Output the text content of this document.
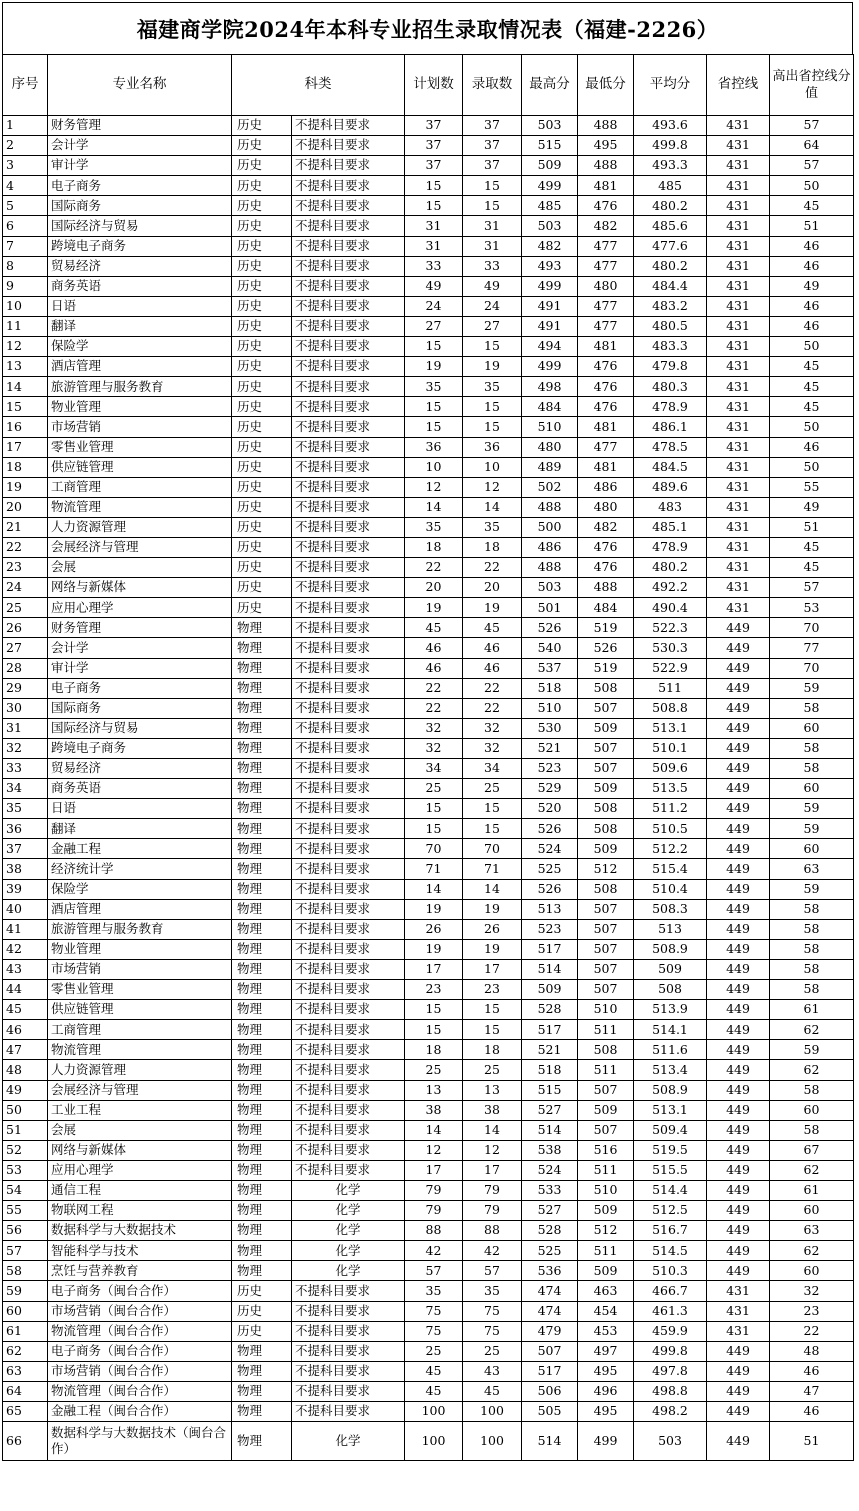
福建商学院2024年本科专业招生录取情况表（福建-2226）
序号	专业名称	科类		计划数	录取数	最高分	最低分	平均分	省控线	高出省控线分值
1	财务管理	历史	不提科目要求	37	37	503	488	493.6	431	57
2	会计学	历史	不提科目要求	37	37	515	495	499.8	431	64
3	审计学	历史	不提科目要求	37	37	509	488	493.3	431	57
4	电子商务	历史	不提科目要求	15	15	499	481	485	431	50
5	国际商务	历史	不提科目要求	15	15	485	476	480.2	431	45
6	国际经济与贸易	历史	不提科目要求	31	31	503	482	485.6	431	51
7	跨境电子商务	历史	不提科目要求	31	31	482	477	477.6	431	46
8	贸易经济	历史	不提科目要求	33	33	493	477	480.2	431	46
9	商务英语	历史	不提科目要求	49	49	499	480	484.4	431	49
10	日语	历史	不提科目要求	24	24	491	477	483.2	431	46
11	翻译	历史	不提科目要求	27	27	491	477	480.5	431	46
12	保险学	历史	不提科目要求	15	15	494	481	483.3	431	50
13	酒店管理	历史	不提科目要求	19	19	499	476	479.8	431	45
14	旅游管理与服务教育	历史	不提科目要求	35	35	498	476	480.3	431	45
15	物业管理	历史	不提科目要求	15	15	484	476	478.9	431	45
16	市场营销	历史	不提科目要求	15	15	510	481	486.1	431	50
17	零售业管理	历史	不提科目要求	36	36	480	477	478.5	431	46
18	供应链管理	历史	不提科目要求	10	10	489	481	484.5	431	50
19	工商管理	历史	不提科目要求	12	12	502	486	489.6	431	55
20	物流管理	历史	不提科目要求	14	14	488	480	483	431	49
21	人力资源管理	历史	不提科目要求	35	35	500	482	485.1	431	51
22	会展经济与管理	历史	不提科目要求	18	18	486	476	478.9	431	45
23	会展	历史	不提科目要求	22	22	488	476	480.2	431	45
24	网络与新媒体	历史	不提科目要求	20	20	503	488	492.2	431	57
25	应用心理学	历史	不提科目要求	19	19	501	484	490.4	431	53
26	财务管理	物理	不提科目要求	45	45	526	519	522.3	449	70
27	会计学	物理	不提科目要求	46	46	540	526	530.3	449	77
28	审计学	物理	不提科目要求	46	46	537	519	522.9	449	70
29	电子商务	物理	不提科目要求	22	22	518	508	511	449	59
30	国际商务	物理	不提科目要求	22	22	510	507	508.8	449	58
31	国际经济与贸易	物理	不提科目要求	32	32	530	509	513.1	449	60
32	跨境电子商务	物理	不提科目要求	32	32	521	507	510.1	449	58
33	贸易经济	物理	不提科目要求	34	34	523	507	509.6	449	58
34	商务英语	物理	不提科目要求	25	25	529	509	513.5	449	60
35	日语	物理	不提科目要求	15	15	520	508	511.2	449	59
36	翻译	物理	不提科目要求	15	15	526	508	510.5	449	59
37	金融工程	物理	不提科目要求	70	70	524	509	512.2	449	60
38	经济统计学	物理	不提科目要求	71	71	525	512	515.4	449	63
39	保险学	物理	不提科目要求	14	14	526	508	510.4	449	59
40	酒店管理	物理	不提科目要求	19	19	513	507	508.3	449	58
41	旅游管理与服务教育	物理	不提科目要求	26	26	523	507	513	449	58
42	物业管理	物理	不提科目要求	19	19	517	507	508.9	449	58
43	市场营销	物理	不提科目要求	17	17	514	507	509	449	58
44	零售业管理	物理	不提科目要求	23	23	509	507	508	449	58
45	供应链管理	物理	不提科目要求	15	15	528	510	513.9	449	61
46	工商管理	物理	不提科目要求	15	15	517	511	514.1	449	62
47	物流管理	物理	不提科目要求	18	18	521	508	511.6	449	59
48	人力资源管理	物理	不提科目要求	25	25	518	511	513.4	449	62
49	会展经济与管理	物理	不提科目要求	13	13	515	507	508.9	449	58
50	工业工程	物理	不提科目要求	38	38	527	509	513.1	449	60
51	会展	物理	不提科目要求	14	14	514	507	509.4	449	58
52	网络与新媒体	物理	不提科目要求	12	12	538	516	519.5	449	67
53	应用心理学	物理	不提科目要求	17	17	524	511	515.5	449	62
54	通信工程	物理	化学	79	79	533	510	514.4	449	61
55	物联网工程	物理	化学	79	79	527	509	512.5	449	60
56	数据科学与大数据技术	物理	化学	88	88	528	512	516.7	449	63
57	智能科学与技术	物理	化学	42	42	525	511	514.5	449	62
58	烹饪与营养教育	物理	化学	57	57	536	509	510.3	449	60
59	电子商务（闽台合作）	历史	不提科目要求	35	35	474	463	466.7	431	32
60	市场营销（闽台合作）	历史	不提科目要求	75	75	474	454	461.3	431	23
61	物流管理（闽台合作）	历史	不提科目要求	75	75	479	453	459.9	431	22
62	电子商务（闽台合作）	物理	不提科目要求	25	25	507	497	499.8	449	48
63	市场营销（闽台合作）	物理	不提科目要求	45	43	517	495	497.8	449	46
64	物流管理（闽台合作）	物理	不提科目要求	45	45	506	496	498.8	449	47
65	金融工程（闽台合作）	物理	不提科目要求	100	100	505	495	498.2	449	46
66	数据科学与大数据技术（闽台合作）	物理	化学	100	100	514	499	503	449	51
